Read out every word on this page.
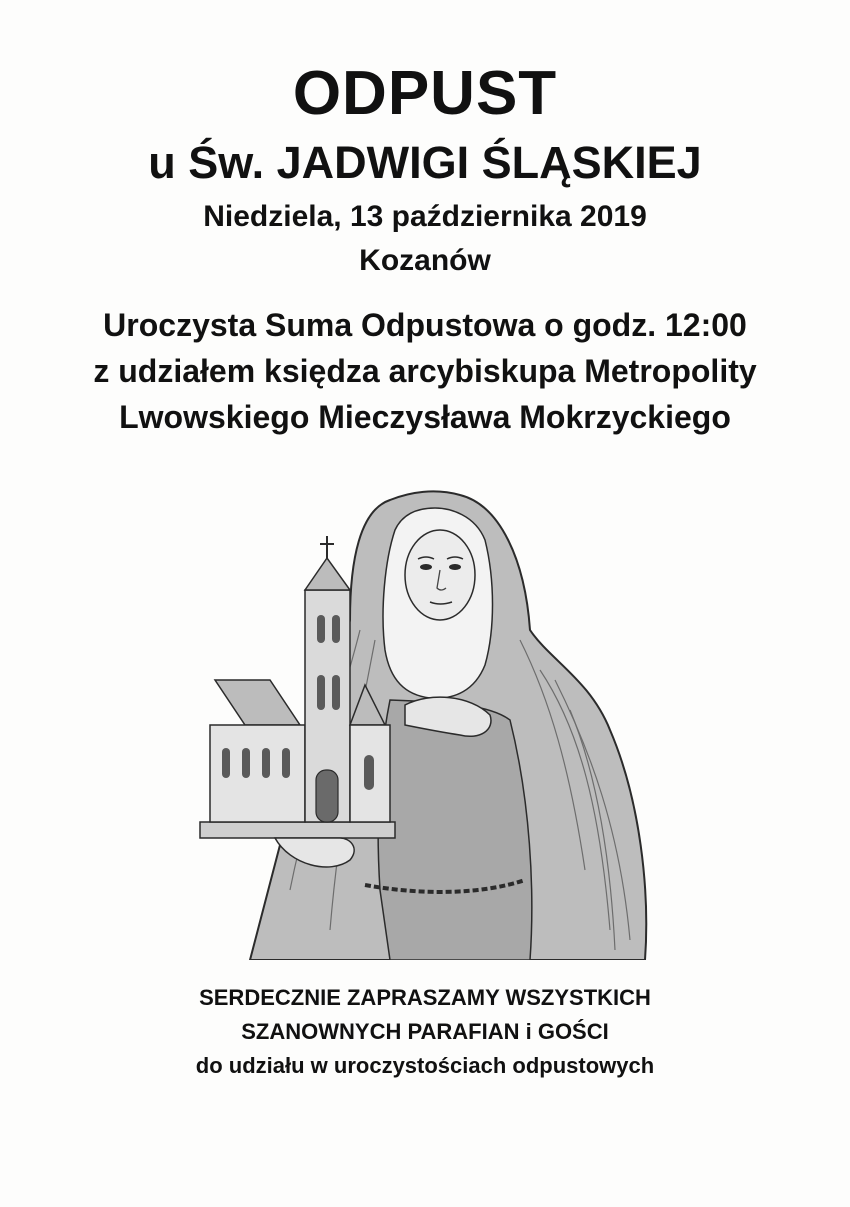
ODPUST
u Św. JADWIGI ŚLĄSKIEJ
Niedziela, 13 października 2019
Kozanów
Uroczysta Suma Odpustowa o godz. 12:00
z udziałem księdza arcybiskupa Metropolity
Lwowskiego Mieczysława Mokrzyckiego
SERDECZNIE ZAPRASZAMY WSZYSTKICH
SZANOWNYCH PARAFIAN i GOŚCI
do udziału w uroczystościach odpustowych
